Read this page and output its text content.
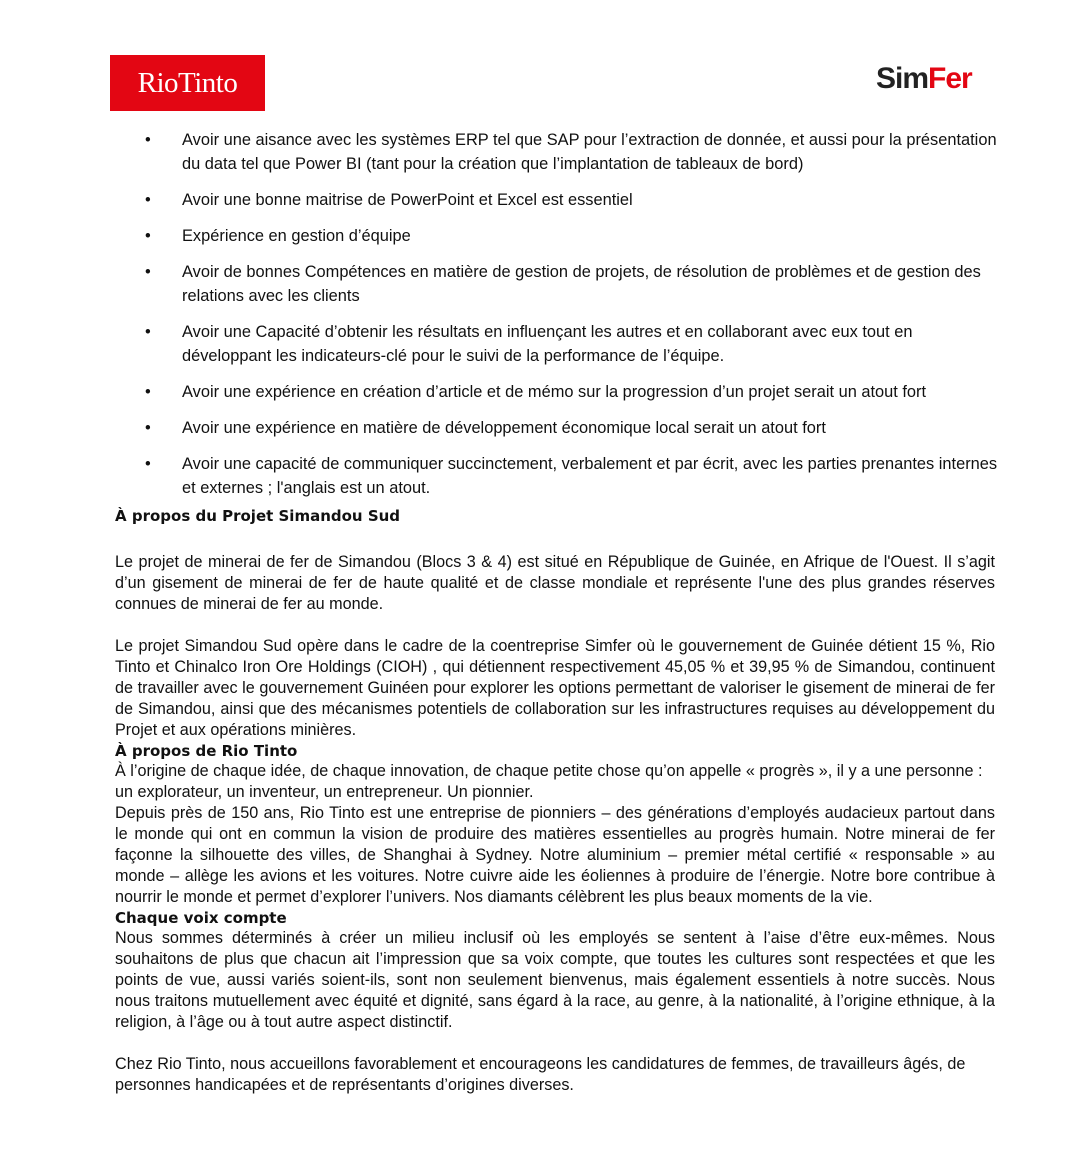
RioTinto	SimFer
• Avoir une aisance avec les systèmes ERP tel que SAP pour l’extraction de donnée, et aussi pour la présentation du data tel que Power BI (tant pour la création que l’implantation de tableaux de bord)
• Avoir une bonne maitrise de PowerPoint et Excel est essentiel
• Expérience en gestion d’équipe
• Avoir de bonnes Compétences en matière de gestion de projets, de résolution de problèmes et de gestion des relations avec les clients
• Avoir une Capacité d’obtenir les résultats en influençant les autres et en collaborant avec eux tout en développant les indicateurs-clé pour le suivi de la performance de l’équipe.
• Avoir une expérience en création d’article et de mémo sur la progression d’un projet serait un atout fort
• Avoir une expérience en matière de développement économique local serait un atout fort
• Avoir une capacité de communiquer succinctement, verbalement et par écrit, avec les parties prenantes internes et externes ; l'anglais est un atout.
À propos du Projet Simandou Sud

Le projet de minerai de fer de Simandou (Blocs 3 & 4) est situé en République de Guinée, en Afrique de l'Ouest. Il s’agit d’un gisement de minerai de fer de haute qualité et de classe mondiale et représente l'une des plus grandes réserves connues de minerai de fer au monde.

Le projet Simandou Sud opère dans le cadre de la coentreprise Simfer où le gouvernement de Guinée détient 15 %, Rio Tinto et Chinalco Iron Ore Holdings (CIOH) , qui détiennent respectivement 45,05 % et 39,95 % de Simandou, continuent de travailler avec le gouvernement Guinéen pour explorer les options permettant de valoriser le gisement de minerai de fer de Simandou, ainsi que des mécanismes potentiels de collaboration sur les infrastructures requises au développement du Projet et aux opérations minières.

À propos de Rio Tinto

À l’origine de chaque idée, de chaque innovation, de chaque petite chose qu’on appelle « progrès », il y a une personne : un explorateur, un inventeur, un entrepreneur. Un pionnier.

Depuis près de 150 ans, Rio Tinto est une entreprise de pionniers – des générations d’employés audacieux partout dans le monde qui ont en commun la vision de produire des matières essentielles au progrès humain. Notre minerai de fer façonne la silhouette des villes, de Shanghai à Sydney. Notre aluminium – premier métal certifié « responsable » au monde – allège les avions et les voitures. Notre cuivre aide les éoliennes à produire de l’énergie. Notre bore contribue à nourrir le monde et permet d’explorer l’univers. Nos diamants célèbrent les plus beaux moments de la vie.

Chaque voix compte

Nous sommes déterminés à créer un milieu inclusif où les employés se sentent à l’aise d’être eux-mêmes. Nous souhaitons de plus que chacun ait l’impression que sa voix compte, que toutes les cultures sont respectées et que les points de vue, aussi variés soient-ils, sont non seulement bienvenus, mais également essentiels à notre succès. Nous nous traitons mutuellement avec équité et dignité, sans égard à la race, au genre, à la nationalité, à l’origine ethnique, à la religion, à l’âge ou à tout autre aspect distinctif.

Chez Rio Tinto, nous accueillons favorablement et encourageons les candidatures de femmes, de travailleurs âgés, de personnes handicapées et de représentants d’origines diverses.
